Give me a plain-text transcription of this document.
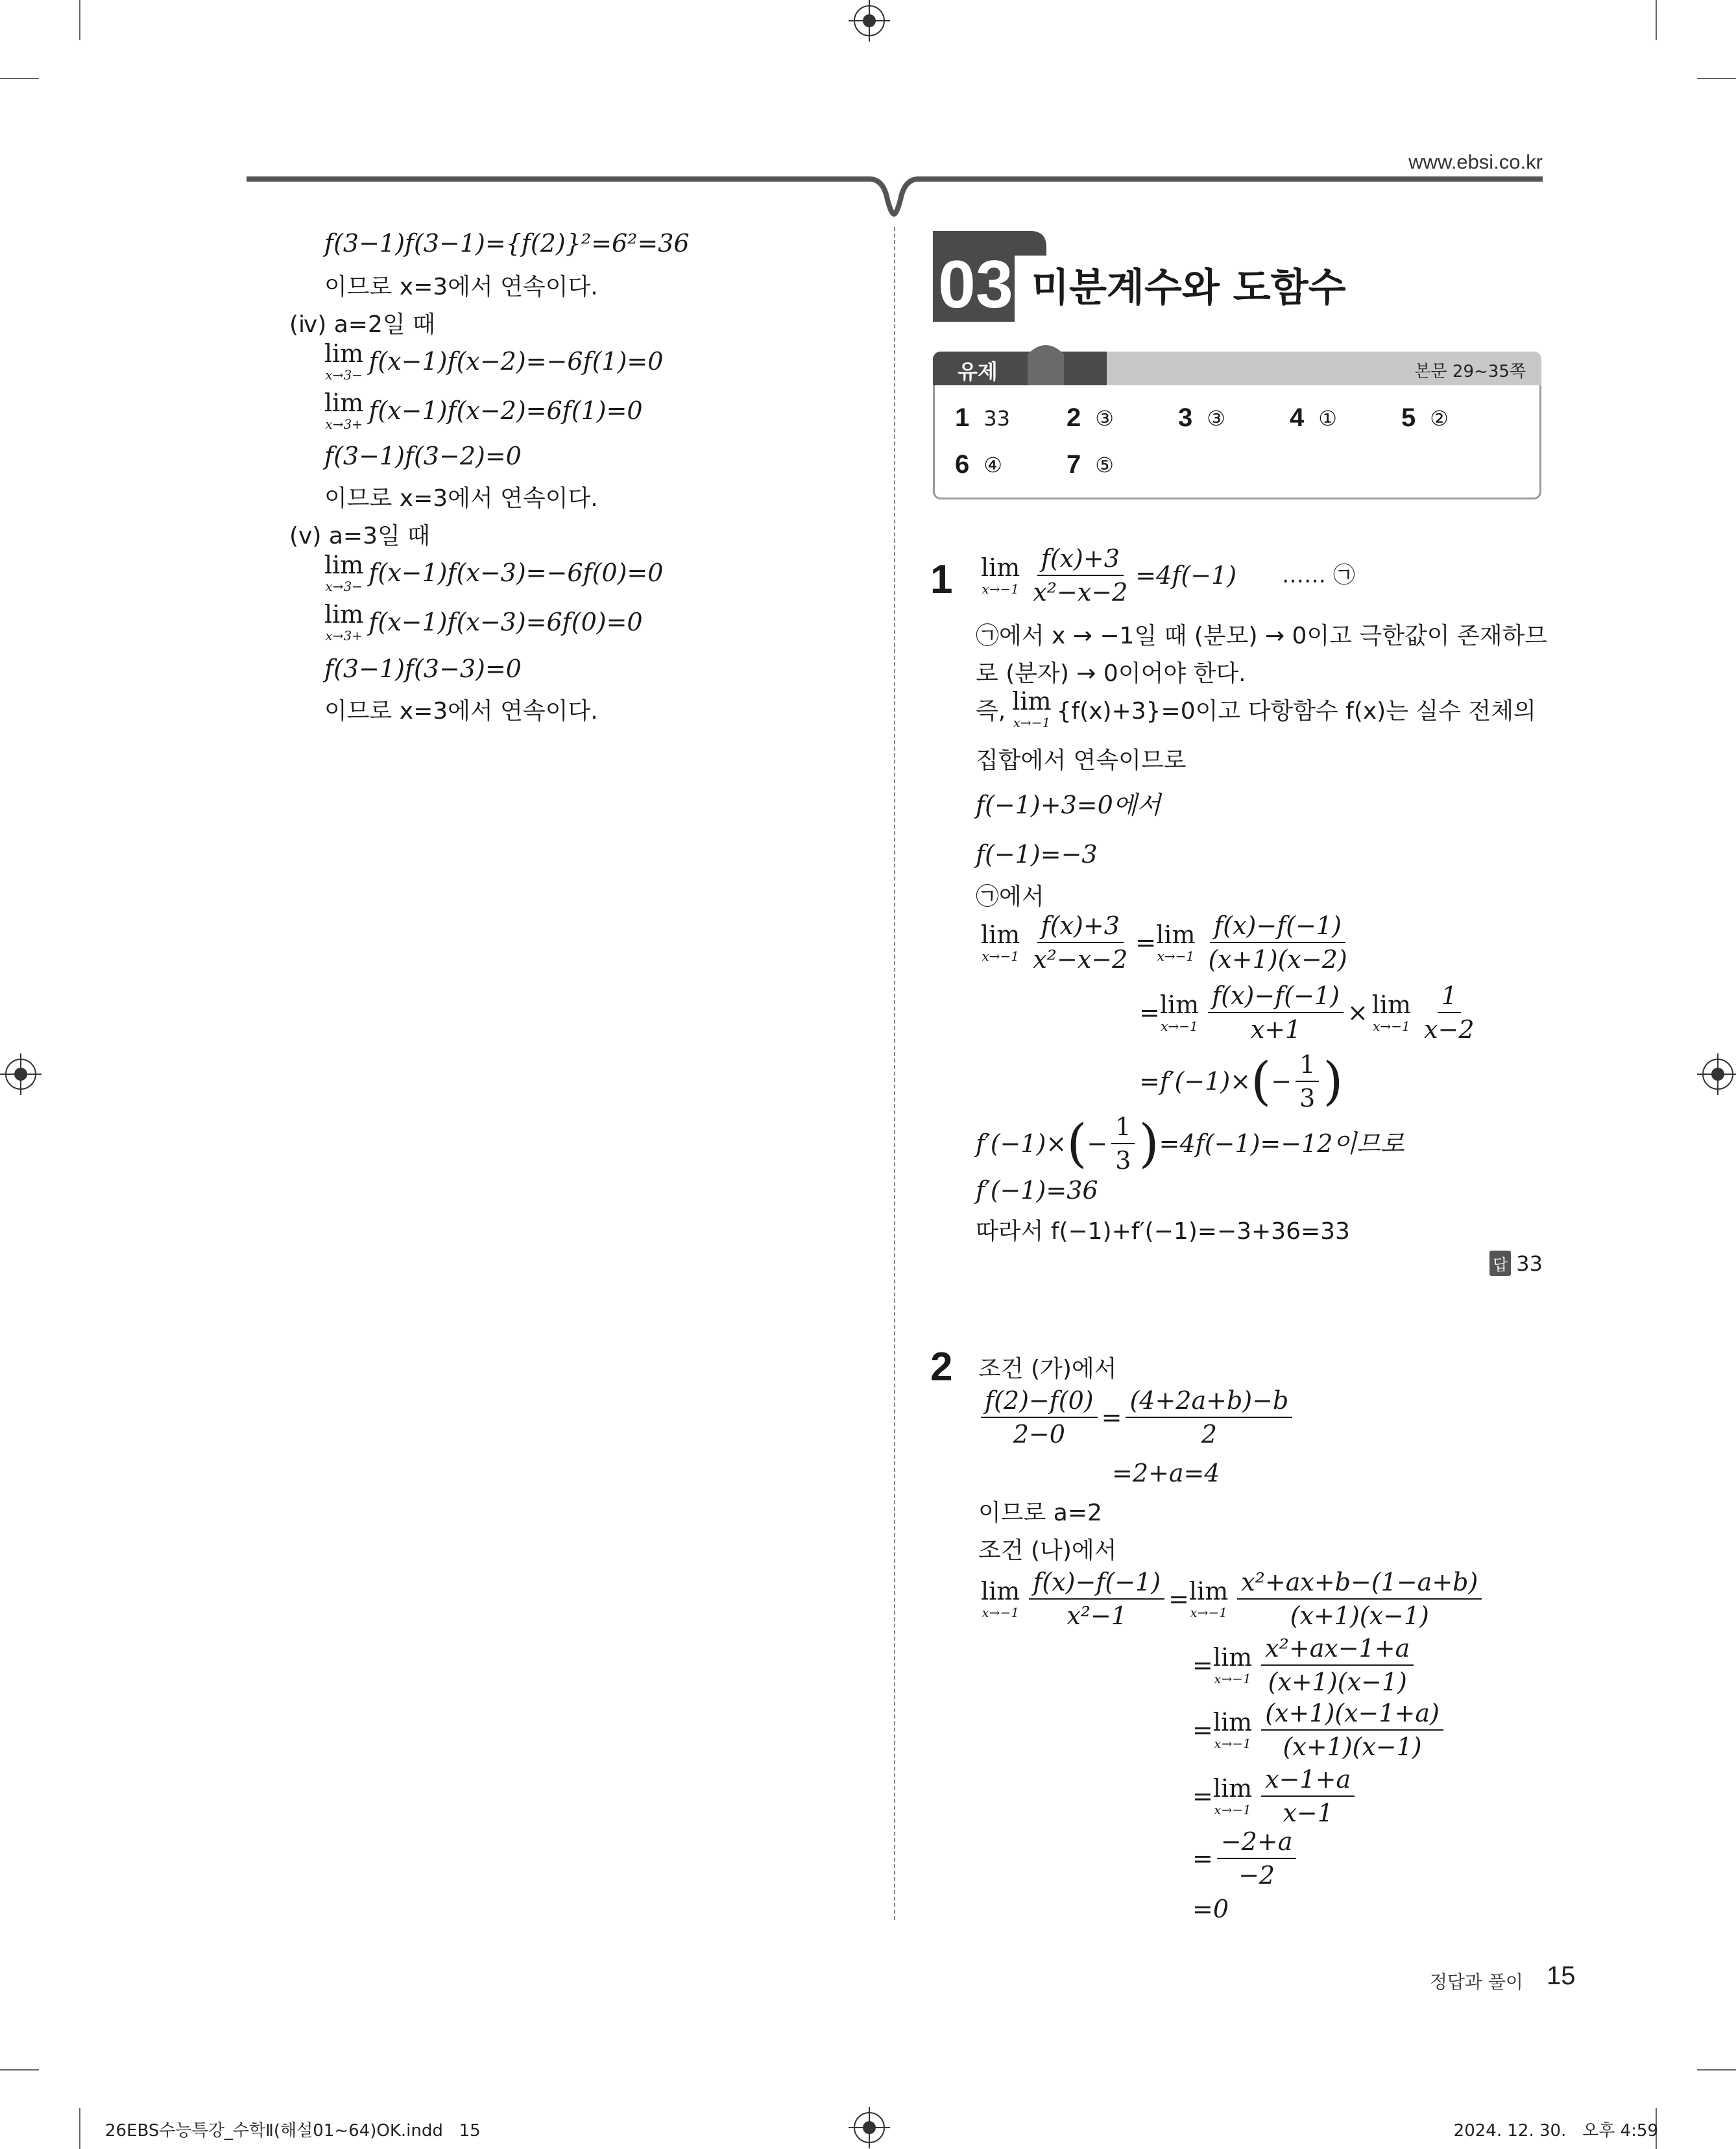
www.ebsi.co.kr
f(3−1)f(3−1)={f(2)}²=6²=36
이므로 x=3에서 연속이다.
(ⅳ) a=2일 때
lim
x→3− f(x−1)f(x−2)=−6f(1)=0
lim
x→3+ f(x−1)f(x−2)=6f(1)=0
f(3−1)f(3−2)=0
이므로 x=3에서 연속이다.
(ⅴ) a=3일 때
lim
x→3− f(x−1)f(x−3)=−6f(0)=0
lim
x→3+ f(x−1)f(x−3)=6f(0)=0
f(3−1)f(3−3)=0
이므로 x=3에서 연속이다.
03 미분계수와 도함수
유제	본문 29~35쪽
1 33 2 ③ 3 ③ 4 ① 5 ②
6 ④ 7 ⑤
1 lim
$x\to-1 \frac{f(x)+3}{\text{x²−x−2}} =4f(-1)$ …… ㉠
㉠에서 x → −1일 때 (분모) → 0이고 극한값이 존재하므
로 (분자) → 0이어야 한다.
즉, lim
x→−1 {f(x)+3}=0이고 다항함수 f(x)는 실수 전체의
집합에서 연속이므로
f(−1)+3=0에서
f(−1)=−3
㉠에서
lim
$x\to-1 \frac{f(x)+3}{\text{x²−x−2}} = \lim$
$x\to-1 \frac{f(x)-f(-1)}{(x+1)(x-2)}$
= lim
$x\to-1 \frac{f(x)-f(-1)}{x+1} \times \lim$
$x\to-1 \frac{1}{x-2}$
=f′(−1)× ( − $\frac{1}{3}$ )
f′(−1)× ( − $\frac{1}{3}$ ) =4f(−1)=−12이므로
f′(−1)=36
따라서 f(−1)+f′(−1)=−3+36=33
답 33
2 조건 (가)에서
$\frac{f(2)-f(0)}{2-0} = \frac{(4+2a+b)-b}{2}$
=2+a=4
이므로 a=2
조건 (나)에서
lim
$x\to-1 \frac{f(x)-f(-1)}{\text{x²−1}} = \lim$
$x\to-1 \frac{\text{x²+ax+b−(1−a+b)}}{(x+1)(x-1)}$
= lim
$x\to-1 \frac{\text{x²+ax−1+a}}{(x+1)(x-1)}$
= lim
$x\to-1 \frac{(x+1)(x-1+a)}{(x+1)(x-1)}$
= lim
$x\to-1 \frac{x-1+a}{x-1}$
= $\frac{-2+a}{-2}$
=0
정답과 풀이 15
26EBS수능특강_수학Ⅱ(해설01~64)OK.indd   15	2024. 12. 30.   오후 4:59
